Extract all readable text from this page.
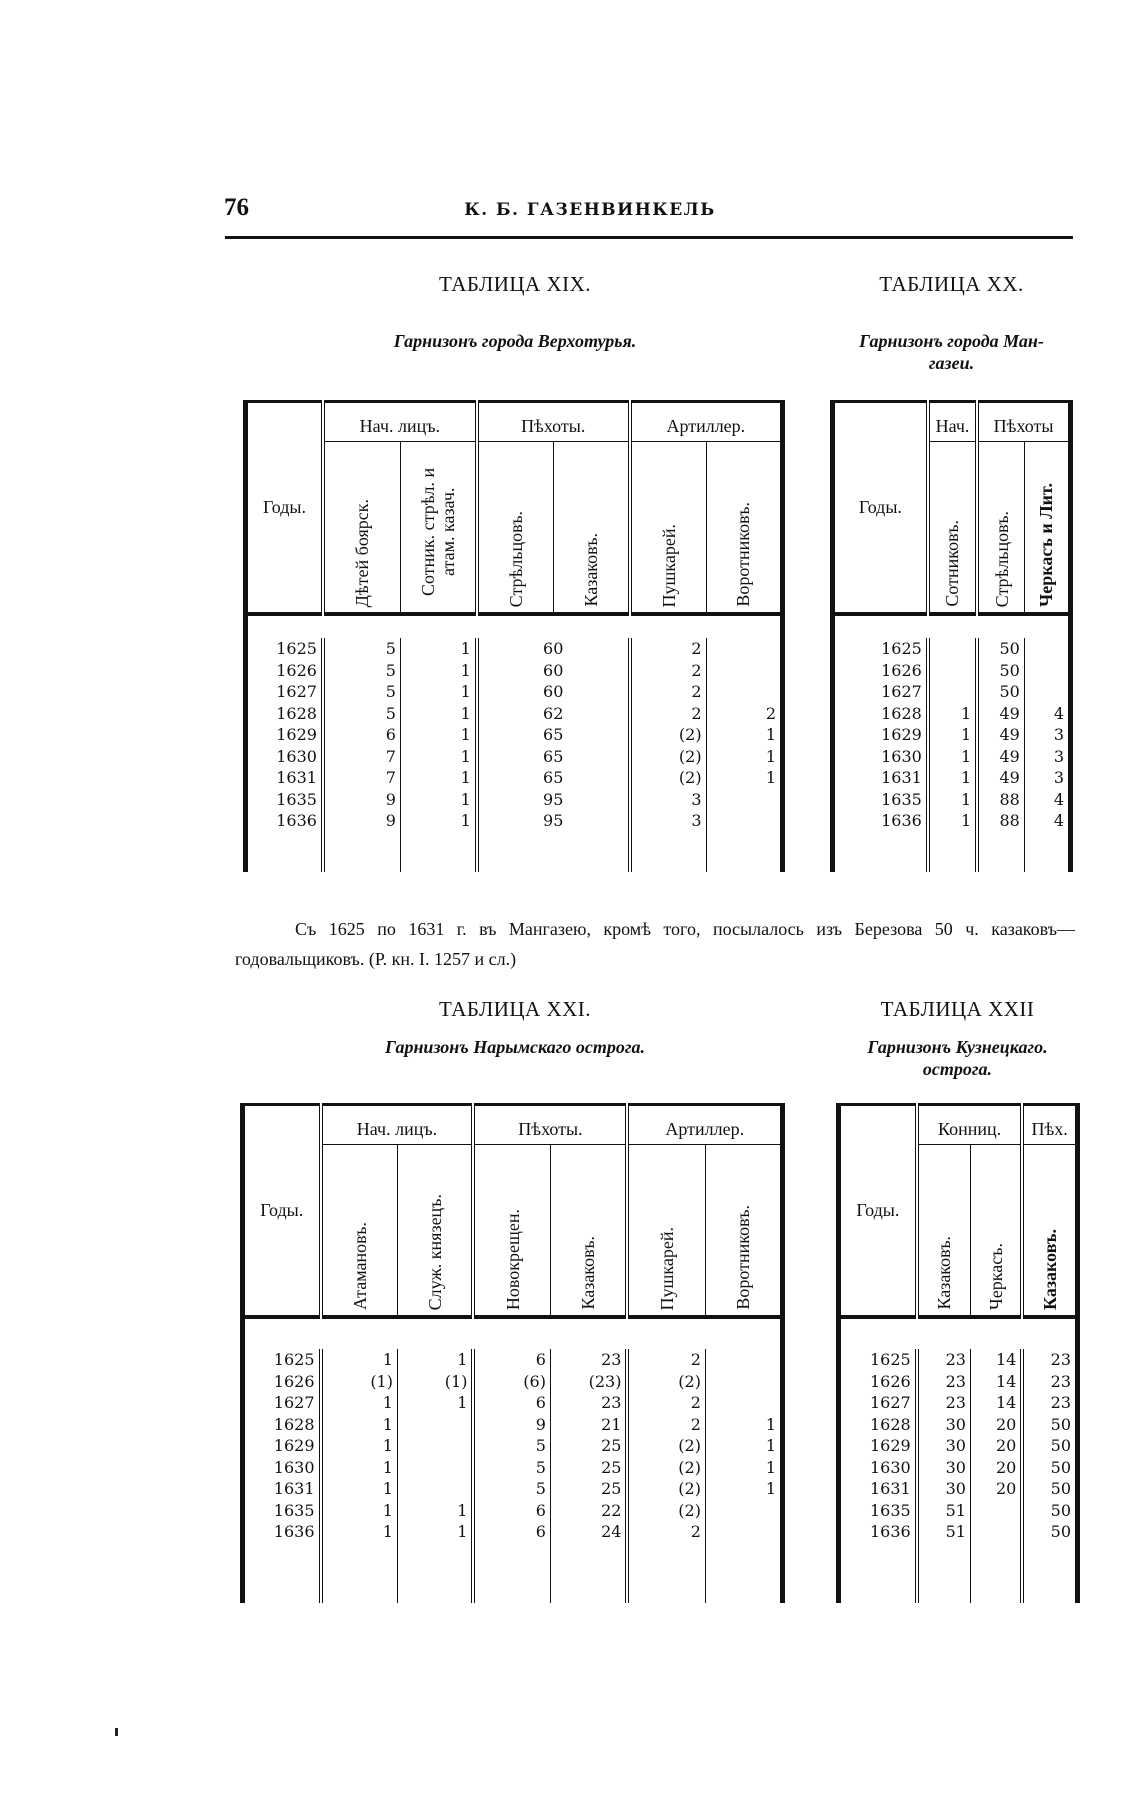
76	К. Б. ГАЗЕНВИНКЕЛЬ
ТАБЛИЦА XIX.
Гарнизонъ города Верхотурья.
ТАБЛИЦА XX.
Гарнизонъ города Ман-
газеи.
Годы.	Нач. лицъ.		Пѣхоты.		Артиллер.	
	Дѣтей боярск.	Сотник. стрѣл. и атам. казач.	Стрѣльцовъ.	Казаковъ.	Пушкарей.	Воротниковъ.

1625	5	1	60		2	
1626	5	1	60		2	
1627	5	1	60		2	
1628	5	1	62		2	2
1629	6	1	65		(2)	1
1630	7	1	65		(2)	1
1631	7	1	65		(2)	1
1635	9	1	95		3	
1636	9	1	95		3	

Годы.	Нач.	Пѣхоты	
	Сотниковъ.	Стрѣльцовъ.	Черкасъ и Лит.

1625		50	
1626		50	
1627		50	
1628	1	49	4
1629	1	49	3
1630	1	49	3
1631	1	49	3
1635	1	88	4
1636	1	88	4

Съ 1625 по 1631 г. въ Мангазею, кромѣ того, посылалось изъ Березова 50 ч. казаковъ—годовальщиковъ. (Р. кн. І. 1257 и сл.)
ТАБЛИЦА XXI.
Гарнизонъ Нарымскаго острога.
ТАБЛИЦА XXII
Гарнизонъ Кузнецкаго.
острога.
Годы.	Нач. лицъ.		Пѣхоты.		Артиллер.	
	Атамановъ.	Служ. князецъ.	Новокрещен.	Казаковъ.	Пушкарей.	Воротниковъ.

1625	1	1	6	23	2	
1626	(1)	(1)	(6)	(23)	(2)	
1627	1	1	6	23	2	
1628	1		9	21	2	1
1629	1		5	25	(2)	1
1630	1		5	25	(2)	1
1631	1		5	25	(2)	1
1635	1	1	6	22	(2)	
1636	1	1	6	24	2	

Годы.	Конниц.		Пѣх.
	Казаковъ.	Черкасъ.	Казаковъ.

1625	23	14	23
1626	23	14	23
1627	23	14	23
1628	30	20	50
1629	30	20	50
1630	30	20	50
1631	30	20	50
1635	51		50
1636	51		50
